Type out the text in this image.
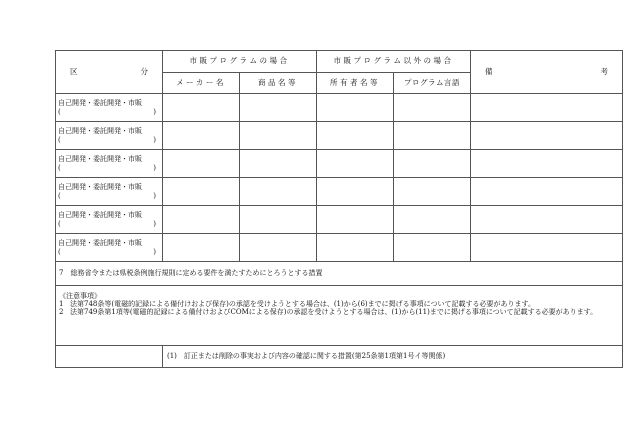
区　　　分	市販プログラムの場合		市販プログラム以外の場合		備　　　考
	メーカー名	商品名等	所有者名等	プログラム言語	

自己開発・委託開発・市販
( )					

自己開発・委託開発・市販
( )					

自己開発・委託開発・市販
( )					

自己開発・委託開発・市販
( )					

自己開発・委託開発・市販
( )					

自己開発・委託開発・市販
( )					

7　総務省令または県税条例施行規則に定める要件を満たすためにとろうとする措置					

《注意事項》
1 法第748条等(電磁的記録による備付けおよび保存)の承認を受けようとする場合は、(1)から(6)までに掲げる事項について記載する必要があります。
2 法第749条第1項等(電磁的記録による備付けおよびCOMによる保存)の承認を受けようとする場合は、(1)から(11)までに掲げる事項について記載する必要があります。					

	(1)　訂正または削除の事実および内容の確認に関する措置(第25条第1項第1号イ等関係)				
